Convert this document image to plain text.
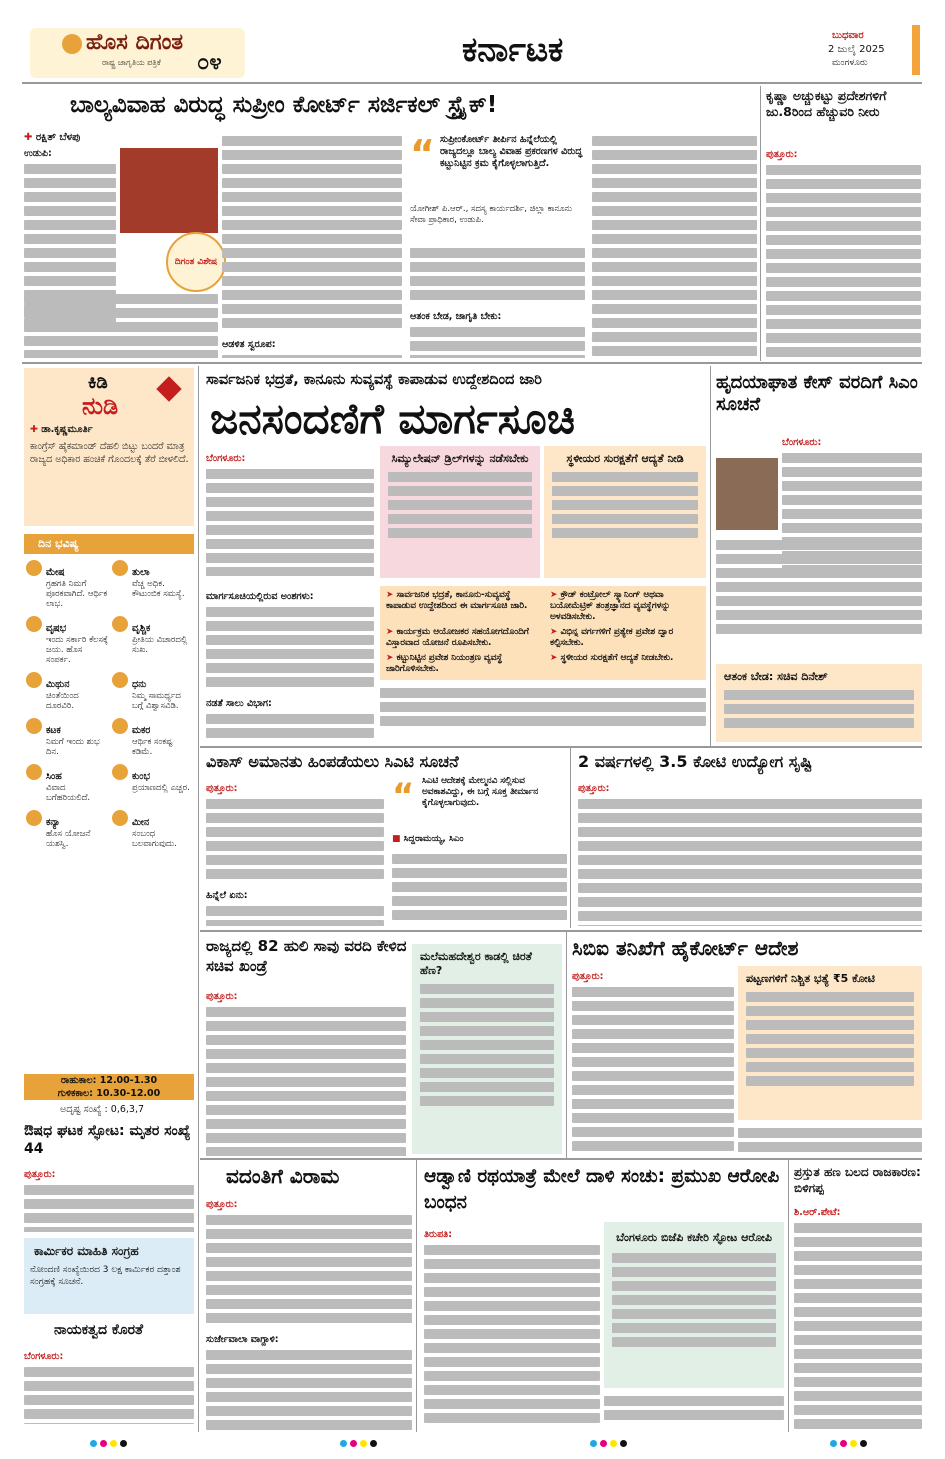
ಹೊಸ ದಿಗಂತ
ರಾಷ್ಟ್ರ ಜಾಗೃತಿಯ ಪತ್ರಿಕೆ ೦೪	ಕರ್ನಾಟಕ	ಬುಧವಾರ
2 ಜುಲೈ 2025
ಮಂಗಳೂರು
ಬಾಲ್ಯವಿವಾಹ ವಿರುದ್ಧ ಸುಪ್ರೀಂ ಕೋರ್ಟ್ ಸರ್ಜಿಕಲ್ ಸ್ಟ್ರೈಕ್!
✚ ರಕ್ಷಿತ್ ಬೆಳಪು
ದಿಗಂತ ವಿಶೇಷ
ಉಡುಪಿ:
ಆಡಳಿತ ಸ್ವರೂಪ:
“ ಸುಪ್ರೀಂಕೋರ್ಟ್ ತೀರ್ಪಿನ ಹಿನ್ನೆಲೆಯಲ್ಲಿ ರಾಜ್ಯದಲ್ಲೂ ಬಾಲ್ಯ ವಿವಾಹ ಪ್ರಕರಣಗಳ ವಿರುದ್ಧ ಕಟ್ಟುನಿಟ್ಟಿನ ಕ್ರಮ ಕೈಗೊಳ್ಳಲಾಗುತ್ತಿದೆ.
ಯೋಗೀಶ್ ಪಿ.ಆರ್., ಸದಸ್ಯ ಕಾರ್ಯದರ್ಶಿ, ಜಿಲ್ಲಾ ಕಾನೂನು ಸೇವಾ ಪ್ರಾಧಿಕಾರ, ಉಡುಪಿ.
ಆತಂಕ ಬೇಡ, ಜಾಗೃತಿ ಬೇಕು:
ಕೃಷ್ಣಾ ಅಚ್ಚುಕಟ್ಟು ಪ್ರದೇಶಗಳಿಗೆ ಜು.8ರಿಂದ ಹೆಚ್ಚುವರಿ ನೀರು
ಪುತ್ತೂರು:
ಕಿಡಿ
ನುಡಿ
✚ ಡಾ.ಕೃಷ್ಣಮೂರ್ತಿ
ಕಾಂಗ್ರೆಸ್ ಹೈಕಮಾಂಡ್ ದೆಹಲಿ ಬಿಟ್ಟು ಬಂದರೆ ಮಾತ್ರ ರಾಜ್ಯದ ಅಧಿಕಾರ ಹಂಚಿಕೆ ಗೊಂದಲಕ್ಕೆ ತೆರೆ ಬೀಳಲಿದೆ.
ದಿನ ಭವಿಷ್ಯ
ಮೇಷ
ಗ್ರಹಗತಿ ನಿಮಗೆ ಪೂರಕವಾಗಿದೆ. ಆರ್ಥಿಕ ಲಾಭ.
ತುಲಾ
ವೆಚ್ಚ ಅಧಿಕ. ಕೌಟುಂಬಿಕ ಸಮಸ್ಯೆ.
ವೃಷಭ
ಇಂದು ಸರ್ಕಾರಿ ಕೆಲಸಕ್ಕೆ ಜಯ. ಹೊಸ ಸಂಪರ್ಕ.
ವೃಶ್ಚಿಕ
ಪ್ರೀತಿಯ ವಿಚಾರದಲ್ಲಿ ಸುಖ.
ಮಿಥುನ
ಚಿಂತೆಯಿಂದ ದೂರವಿರಿ.
ಧನು
ನಿಮ್ಮ ಸಾಮರ್ಥ್ಯದ ಬಗ್ಗೆ ವಿಶ್ವಾಸವಿಡಿ.
ಕಟಕ
ನಿಮಗೆ ಇಂದು ಶುಭ ದಿನ.
ಮಕರ
ಆರ್ಥಿಕ ಸಂಕಷ್ಟ ಕಡಿಮೆ.
ಸಿಂಹ
ವಿವಾದ ಬಗೆಹರಿಯಲಿದೆ.
ಕುಂಭ
ಪ್ರಯಾಣದಲ್ಲಿ ಎಚ್ಚರ.
ಕನ್ಯಾ
ಹೊಸ ಯೋಜನೆ ಯಶಸ್ವಿ.
ಮೀನ
ಸಂಬಂಧ ಬಲವಾಗುವುದು.
ರಾಹುಕಾಲ: 12.00-1.30
ಗುಳಿಕಕಾಲ: 10.30-12.00
ಅದೃಷ್ಟ ಸಂಖ್ಯೆ : 0,6,3,7
ಔಷಧ ಘಟಕ ಸ್ಫೋಟ: ಮೃತರ ಸಂಖ್ಯೆ 44
ಪುತ್ತೂರು:
ಕಾರ್ಮಿಕರ ಮಾಹಿತಿ ಸಂಗ್ರಹ
ನೋಂದಣಿ ಸಂಖ್ಯೆಯಿರದ 3 ಲಕ್ಷ ಕಾರ್ಮಿಕರ ದತ್ತಾಂಶ ಸಂಗ್ರಹಕ್ಕೆ ಸೂಚನೆ.
ನಾಯಕತ್ವದ ಕೊರತೆ
ಬೆಂಗಳೂರು:
ಸಾರ್ವಜನಿಕ ಭದ್ರತೆ, ಕಾನೂನು ಸುವ್ಯವಸ್ಥೆ ಕಾಪಾಡುವ ಉದ್ದೇಶದಿಂದ ಜಾರಿ
ಜನಸಂದಣಿಗೆ ಮಾರ್ಗಸೂಚಿ
ಬೆಂಗಳೂರು:	ಸಿಮ್ಯುಲೇಷನ್ ಡ್ರಿಲ್‌ಗಳನ್ನು ನಡೆಸಬೇಕು	ಸ್ಥಳೀಯರ ಸುರಕ್ಷತೆಗೆ ಆದ್ಯತೆ ನೀಡಿ
ಮಾರ್ಗಸೂಚಿಯಲ್ಲಿರುವ ಅಂಶಗಳು:
ನಡತೆ ಸಾಲು ವಿಭಾಗ:
➤ ಸಾರ್ವಜನಿಕ ಭದ್ರತೆ, ಕಾನೂನು-ಸುವ್ಯವಸ್ಥೆ ಕಾಪಾಡುವ ಉದ್ದೇಶದಿಂದ ಈ ಮಾರ್ಗಸೂಚಿ ಜಾರಿ.
➤ ಕ್ರೌಡ್ ಕಂಟ್ರೋಲ್ ಸ್ಕ್ಯಾನಿಂಗ್ ಅಥವಾ ಬಯೋಮೆಟ್ರಿಕ್ ತಂತ್ರಜ್ಞಾನದ ವ್ಯವಸ್ಥೆಗಳನ್ನು ಅಳವಡಿಸಬೇಕು.
➤ ಕಾರ್ಯಕ್ರಮ ಆಯೋಜಕರ ಸಹಯೋಗದೊಂದಿಗೆ ವಿಸ್ತಾರವಾದ ಯೋಜನೆ ರೂಪಿಸಬೇಕು.
➤ ವಿಭಿನ್ನ ವರ್ಗಗಳಿಗೆ ಪ್ರತ್ಯೇಕ ಪ್ರವೇಶ ದ್ವಾರ ಕಲ್ಪಿಸಬೇಕು.
➤ ಕಟ್ಟುನಿಟ್ಟಿನ ಪ್ರವೇಶ ನಿಯಂತ್ರಣ ವ್ಯವಸ್ಥೆ ಜಾರಿಗೊಳಿಸಬೇಕು.
➤ ಸ್ಥಳೀಯರ ಸುರಕ್ಷತೆಗೆ ಆದ್ಯತೆ ನೀಡಬೇಕು.
ಹೃದಯಾಘಾತ ಕೇಸ್ ವರದಿಗೆ ಸಿಎಂ ಸೂಚನೆ
ಬೆಂಗಳೂರು:
ಆತಂಕ ಬೇಡ: ಸಚಿವ ದಿನೇಶ್
ವಿಕಾಸ್ ಅಮಾನತು ಹಿಂಪಡೆಯಲು ಸಿಎಟಿ ಸೂಚನೆ
ಪುತ್ತೂರು:
ಹಿನ್ನೆಲೆ ಏನು:
“ ಸಿಎಟಿ ಆದೇಶಕ್ಕೆ ಮೇಲ್ಮನವಿ ಸಲ್ಲಿಸುವ ಅವಕಾಶವಿದ್ದು, ಈ ಬಗ್ಗೆ ಸೂಕ್ತ ತೀರ್ಮಾನ ಕೈಗೊಳ್ಳಲಾಗುವುದು.
■ ಸಿದ್ದರಾಮಯ್ಯ, ಸಿಎಂ
2 ವರ್ಷಗಳಲ್ಲಿ 3.5 ಕೋಟಿ ಉದ್ಯೋಗ ಸೃಷ್ಟಿ
ಪುತ್ತೂರು:
ರಾಜ್ಯದಲ್ಲಿ 82 ಹುಲಿ ಸಾವು ವರದಿ ಕೇಳಿದ ಸಚಿವ ಖಂಡ್ರೆ
ಪುತ್ತೂರು:
ಮಲೆಮಹದೇಶ್ವರ ಕಾಡಲ್ಲಿ ಚಿರತೆ ಹೆಣ?
ಸಿಬಿಐ ತನಿಖೆಗೆ ಹೈಕೋರ್ಟ್ ಆದೇಶ
ಪುತ್ತೂರು:	ಪಟ್ಟಣಗಳಿಗೆ ನಿಶ್ಚಿತ ಭತ್ಯೆ ₹5 ಕೋಟಿ
ವದಂತಿಗೆ ವಿರಾಮ
ಪುತ್ತೂರು:
ಸುರ್ಜೇವಾಲಾ ವಾಗ್ದಾಳಿ:
ಆಡ್ವಾಣಿ ರಥಯಾತ್ರೆ ಮೇಲೆ ದಾಳಿ ಸಂಚು: ಪ್ರಮುಖ ಆರೋಪಿ ಬಂಧನ
ತಿರುಪತಿ:	ಬೆಂಗಳೂರು ಬಿಜೆಪಿ ಕಚೇರಿ ಸ್ಫೋಟ ಆರೋಪಿ
ಪ್ರಸ್ತುತ ಹಣ ಬಲದ ರಾಜಕಾರಣ: ಬಿಳಿಗಪ್ಪ
ಶಿ.ಆರ್.ಪೇಟೆ:
